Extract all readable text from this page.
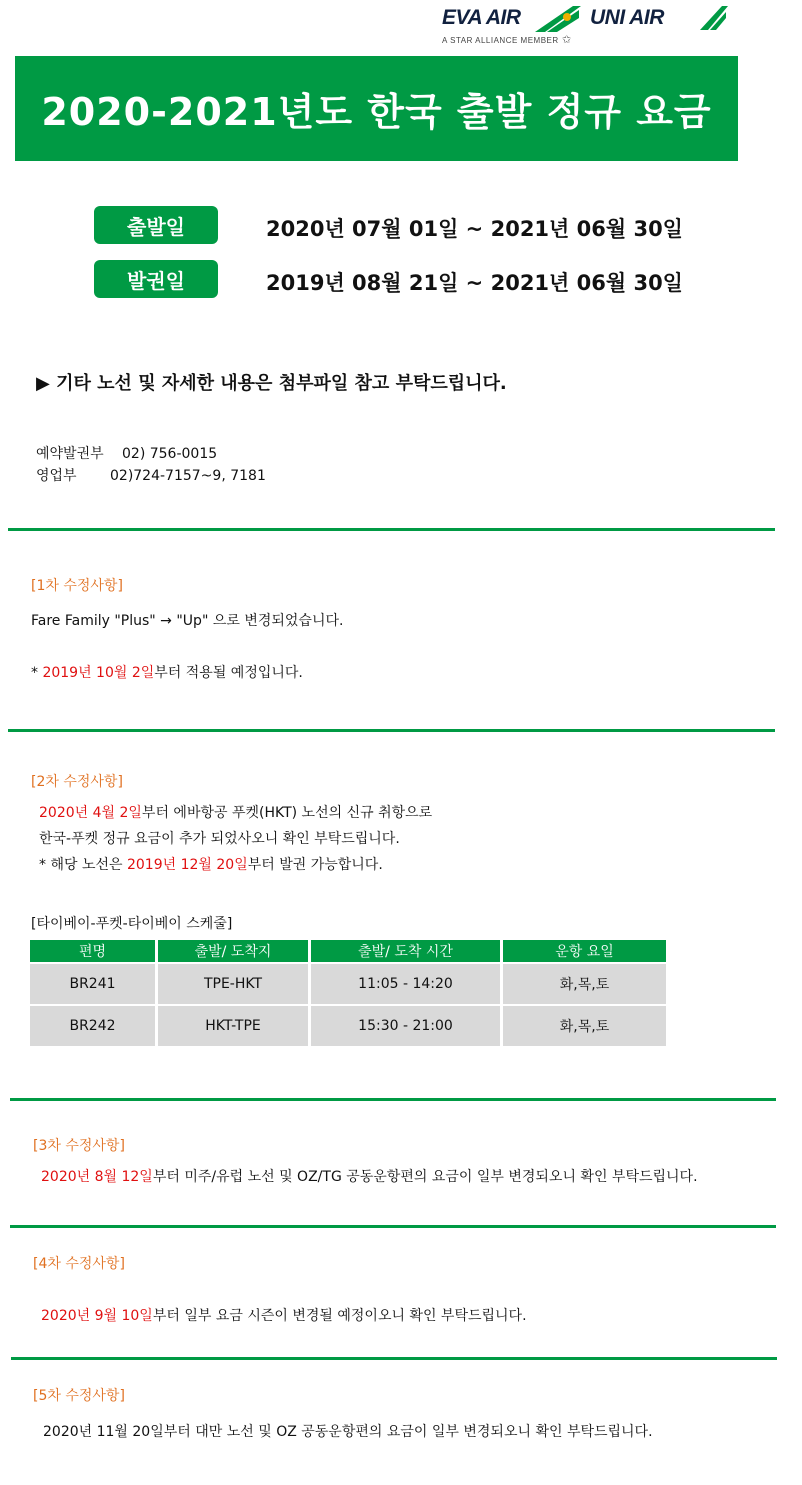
EVA AIR	UNI AIR
A STAR ALLIANCE MEMBER ✩
2020-2021년도 한국 출발 정규 요금
출발일	2020년 07월 01일 ~ 2021년 06월 30일
발권일	2019년 08월 21일 ~ 2021년 06월 30일
▶ 기타 노선 및 자세한 내용은 첨부파일 참고 부탁드립니다.
예약발권부 02) 756-0015
영업부 02)724-7157~9, 7181
[1차 수정사항]
Fare Family "Plus" → "Up" 으로 변경되었습니다.
* 2019년 10월 2일부터 적용될 예정입니다.
[2차 수정사항]
2020년 4월 2일부터 에바항공 푸켓(HKT) 노선의 신규 취항으로
한국-푸켓 정규 요금이 추가 되었사오니 확인 부탁드립니다.
* 해당 노선은 2019년 12월 20일부터 발권 가능합니다.
[타이베이-푸켓-타이베이 스케줄]
편명	출발/ 도착지	출발/ 도착 시간	운항 요일
BR241	TPE-HKT	11:05 - 14:20	화,목,토
BR242	HKT-TPE	15:30 - 21:00	화,목,토
[3차 수정사항]
2020년 8월 12일부터 미주/유럽 노선 및 OZ/TG 공동운항편의 요금이 일부 변경되오니 확인 부탁드립니다.
[4차 수정사항]
2020년 9월 10일부터 일부 요금 시즌이 변경될 예정이오니 확인 부탁드립니다.
[5차 수정사항]
2020년 11월 20일부터 대만 노선 및 OZ 공동운항편의 요금이 일부 변경되오니 확인 부탁드립니다.
